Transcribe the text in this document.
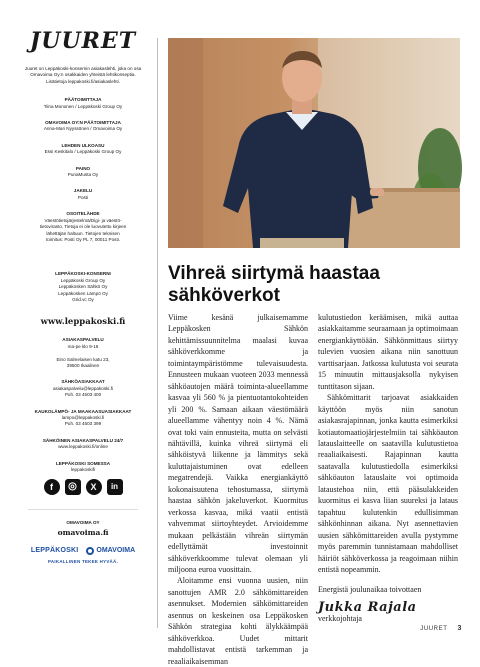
JUURET
Juuret on Leppäkoski-konsernin asiakaslehti, joka on osa Omavoima Oy:n osakkaiden yhteistä lehtikonseptia. Lisätietoja leppakoski.fi/asiakaslehti.
PÄÄTOIMITTAJA
Tiina Mononen / Leppäkoski Group Oy
OMAVOIMA OY:N PÄÄTOIMITTAJA
Anna-Mari Nyyssönen / Omavoima Oy
LEHDEN ULKOASU
Essi Keskitalo / Leppäkoski Group Oy
PAINO
PunaMusta Oy
JAKELU
Posti
OSOITELÄHDE
Väestötietojärjestelmä/Digi- ja väestö-
tietovirasto. Tietoja ei ole luovutettu kirjeen
lähettäjän haltuun. Tietojen teknisen
toimitus: Posti Oy PL 7, 00011 Posti.
LEPPÄKOSKI-KONSERNI
Leppäkoski Group Oy
Leppäkosken Sähkö Oy
Leppäkosken Lämpö Oy
Grid.vc Oy
www.leppakoski.fi
ASIAKASPALVELU
ma-pe klo 9-16
Eino Salmelaisen katu 23,
39500 Ikaalinen
SÄHKÖASIAKKAAT
asiakaspalvelu@leppakoski.fi
Puh. 03 4503 400
KAUKOLÄMPÖ- JA MAAKAASUASIAKKAAT
lampo@leppakoski.fi
Puh. 03 4503 399
SÄHKÖINEN ASIAKASPALVELU 24/7
www.leppakoski.fi/online
LEPPÄKOSKI SOMESSA
leppakoskifi
f	◎	X	in
OMAVOIMA OY
omavoima.fi
LEPPÄKOSKI	OMAVOIMA
PAIKALLINEN TEKEE HYVÄÄ.
Vihreä siirtymä haastaa sähköverkot

Viime kesänä julkaisemamme Leppäkosken Sähkön kehittämissuunnitelma maalasi kuvaa sähköverkkomme ja toimintaympäristömme tulevaisuudesta. Ennusteen mukaan vuoteen 2033 mennessä sähköautojen määrä toiminta-alueellamme kasvaa yli 560 % ja pientuotantokohteiden yli 200 %. Samaan aikaan väestömäärä alueellamme vähentyy noin 4 %. Nämä ovat toki vain ennusteita, mutta on selvästi nähtävillä, kuinka vihreä siirtymä eli sähköistyvä liikenne ja lämmitys sekä kuluttajaistuminen ovat edelleen megatrendejä. Vaikka energiankäyttö kokonaisuutena tehostumassa, siirtymä haastaa sähkön jakeluverkot. Kuormitus verkossa kasvaa, mikä vaatii entistä vahvemmat siirtoyhteydet. Arvioidemme mukaan pelkästään vihreän siirtymän edellyttämät investoinnit sähköverkkoomme tulevat olemaan yli miljoona euroa vuosittain.

Aloitamme ensi vuonna uusien, niin sanottujen AMR 2.0 sähkömittareiden asennukset. Modernien sähkömittareiden asennus on keskeinen osa Leppäkosken Sähkön strategiaa kohti älykkäämpää sähköverkkoa. Uudet mittarit mahdollistavat entistä tarkemman ja reaaliaikaisemman

kulutustiedon keräämisen, mikä auttaa asiakkaitamme seuraamaan ja optimoimaan energiankäyttöään. Sähkönmittaus siirtyy tulevien vuosien aikana niin sanottuun varttisarjaan. Jatkossa kulutusta voi seurata 15 minuutin mittausjaksolla nykyisen tunttitason sijaan.

Sähkömittarit tarjoavat asiakkaiden käyttöön myös niin sanotun asiakasrajapinnan, jonka kautta esimerkiksi kotiautomaatiojärjestelmiin tai sähköauton latauslaitteelle on saatavilla kulutustietoa reaaliaikaisesti. Rajapinnan kautta saatavalla kulutustiedolla esimerkiksi sähköauton latauslaite voi optimoida lataustehoa niin, että pääsulakkeiden kuormitus ei kasva liian suureksi ja lataus tapahtuu kulutenkin edullisimman sähkönhinnan aikana. Nyt asennettavien uusien sähkömittareiden avulla pystymme myös paremmin tunnistamaan mahdolliset häiriöt sähköverkossa ja reagoimaan niihin entistä nopeammin.

Energistä joulunaikaa toivottaen

Jukka Rajala

verkkojohtaja

JUURET 3
